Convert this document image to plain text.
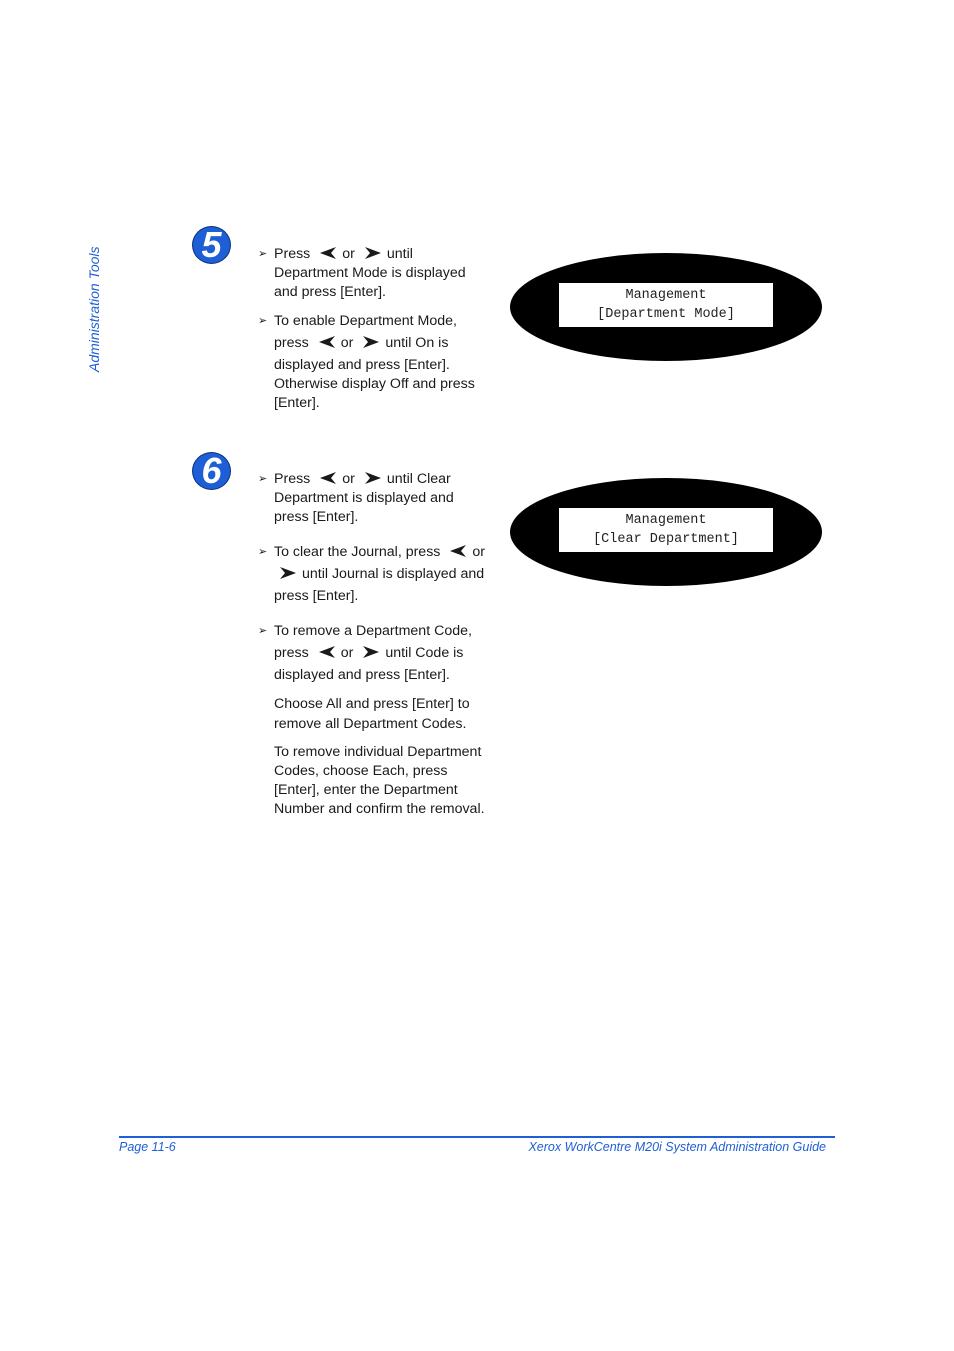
Administration Tools
5	➢ Press or until
Department Mode is displayed
and press [Enter].
➢ To enable Department Mode,
press or until On is
displayed and press [Enter].
Otherwise display Off and press
[Enter].
Management
[Department Mode]
6	➢ Press or until Clear
Department is displayed and
press [Enter].
➢ To clear the Journal, press or
until Journal is displayed and
press [Enter].
➢ To remove a Department Code,
press or until Code is
displayed and press [Enter].
Choose All and press [Enter] to
remove all Department Codes.
To remove individual Department
Codes, choose Each, press
[Enter], enter the Department
Number and confirm the removal.
Management
[Clear Department]
Page 11-6	Xerox WorkCentre M20i System Administration Guide
